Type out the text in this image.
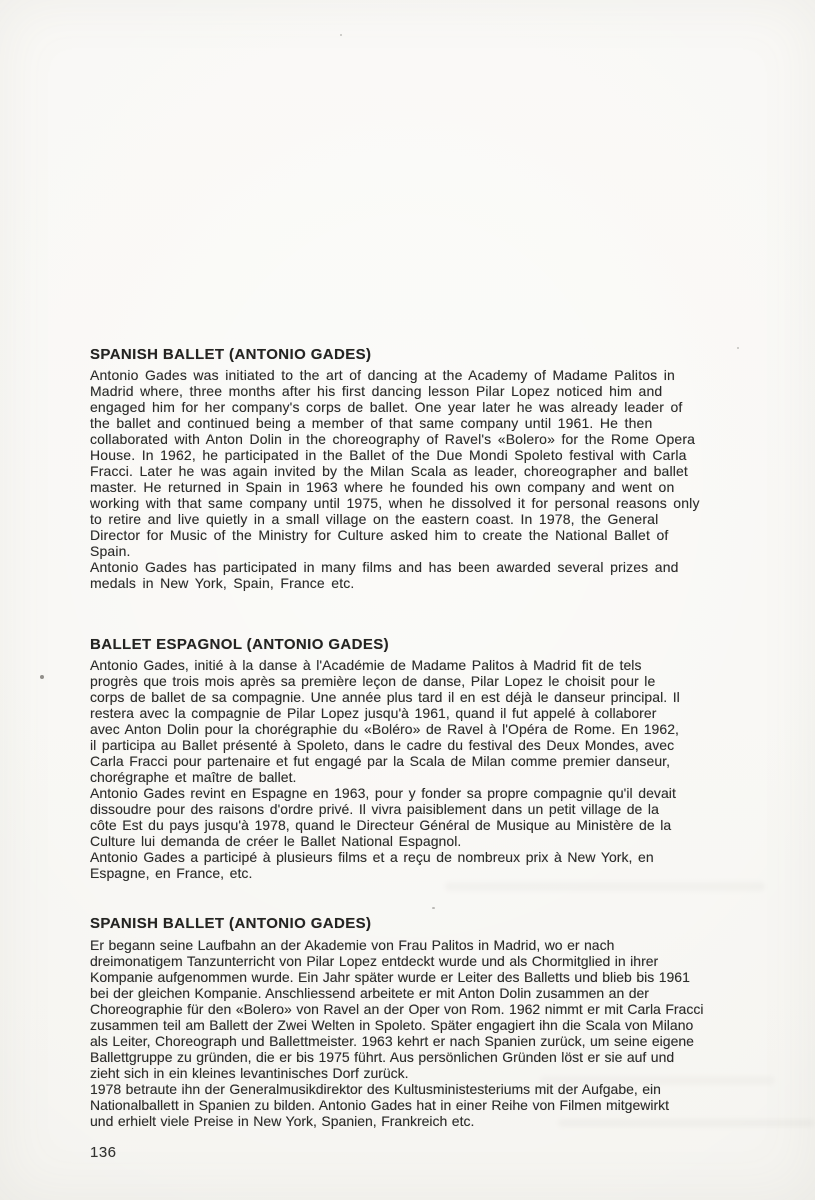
SPANISH BALLET (ANTONIO GADES)
Antonio Gades was initiated to the art of dancing at the Academy of Madame Palitos in
Madrid where, three months after his first dancing lesson Pilar Lopez noticed him and
engaged him for her company's corps de ballet. One year later he was already leader of
the ballet and continued being a member of that same company until 1961. He then
collaborated with Anton Dolin in the choreography of Ravel's «Bolero» for the Rome Opera
House. In 1962, he participated in the Ballet of the Due Mondi Spoleto festival with Carla
Fracci. Later he was again invited by the Milan Scala as leader, choreographer and ballet
master. He returned in Spain in 1963 where he founded his own company and went on
working with that same company until 1975, when he dissolved it for personal reasons only
to retire and live quietly in a small village on the eastern coast. In 1978, the General
Director for Music of the Ministry for Culture asked him to create the National Ballet of
Spain.
Antonio Gades has participated in many films and has been awarded several prizes and
medals in New York, Spain, France etc.
BALLET ESPAGNOL (ANTONIO GADES)
Antonio Gades, initié à la danse à l'Académie de Madame Palitos à Madrid fit de tels
progrès que trois mois après sa première leçon de danse, Pilar Lopez le choisit pour le
corps de ballet de sa compagnie. Une année plus tard il en est déjà le danseur principal. Il
restera avec la compagnie de Pilar Lopez jusqu'à 1961, quand il fut appelé à collaborer
avec Anton Dolin pour la chorégraphie du «Boléro» de Ravel à l'Opéra de Rome. En 1962,
il participa au Ballet présenté à Spoleto, dans le cadre du festival des Deux Mondes, avec
Carla Fracci pour partenaire et fut engagé par la Scala de Milan comme premier danseur,
chorégraphe et maître de ballet.
Antonio Gades revint en Espagne en 1963, pour y fonder sa propre compagnie qu'il devait
dissoudre pour des raisons d'ordre privé. Il vivra paisiblement dans un petit village de la
côte Est du pays jusqu'à 1978, quand le Directeur Général de Musique au Ministère de la
Culture lui demanda de créer le Ballet National Espagnol.
Antonio Gades a participé à plusieurs films et a reçu de nombreux prix à New York, en
Espagne, en France, etc.
SPANISH BALLET (ANTONIO GADES)
Er begann seine Laufbahn an der Akademie von Frau Palitos in Madrid, wo er nach
dreimonatigem Tanzunterricht von Pilar Lopez entdeckt wurde und als Chormitglied in ihrer
Kompanie aufgenommen wurde. Ein Jahr später wurde er Leiter des Balletts und blieb bis 1961
bei der gleichen Kompanie. Anschliessend arbeitete er mit Anton Dolin zusammen an der
Choreographie für den «Bolero» von Ravel an der Oper von Rom. 1962 nimmt er mit Carla Fracci
zusammen teil am Ballett der Zwei Welten in Spoleto. Später engagiert ihn die Scala von Milano
als Leiter, Choreograph und Ballettmeister. 1963 kehrt er nach Spanien zurück, um seine eigene
Ballettgruppe zu gründen, die er bis 1975 führt. Aus persönlichen Gründen löst er sie auf und
zieht sich in ein kleines levantinisches Dorf zurück.
1978 betraute ihn der Generalmusikdirektor des Kultusministesteriums mit der Aufgabe, ein
Nationalballett in Spanien zu bilden. Antonio Gades hat in einer Reihe von Filmen mitgewirkt
und erhielt viele Preise in New York, Spanien, Frankreich etc.
136
